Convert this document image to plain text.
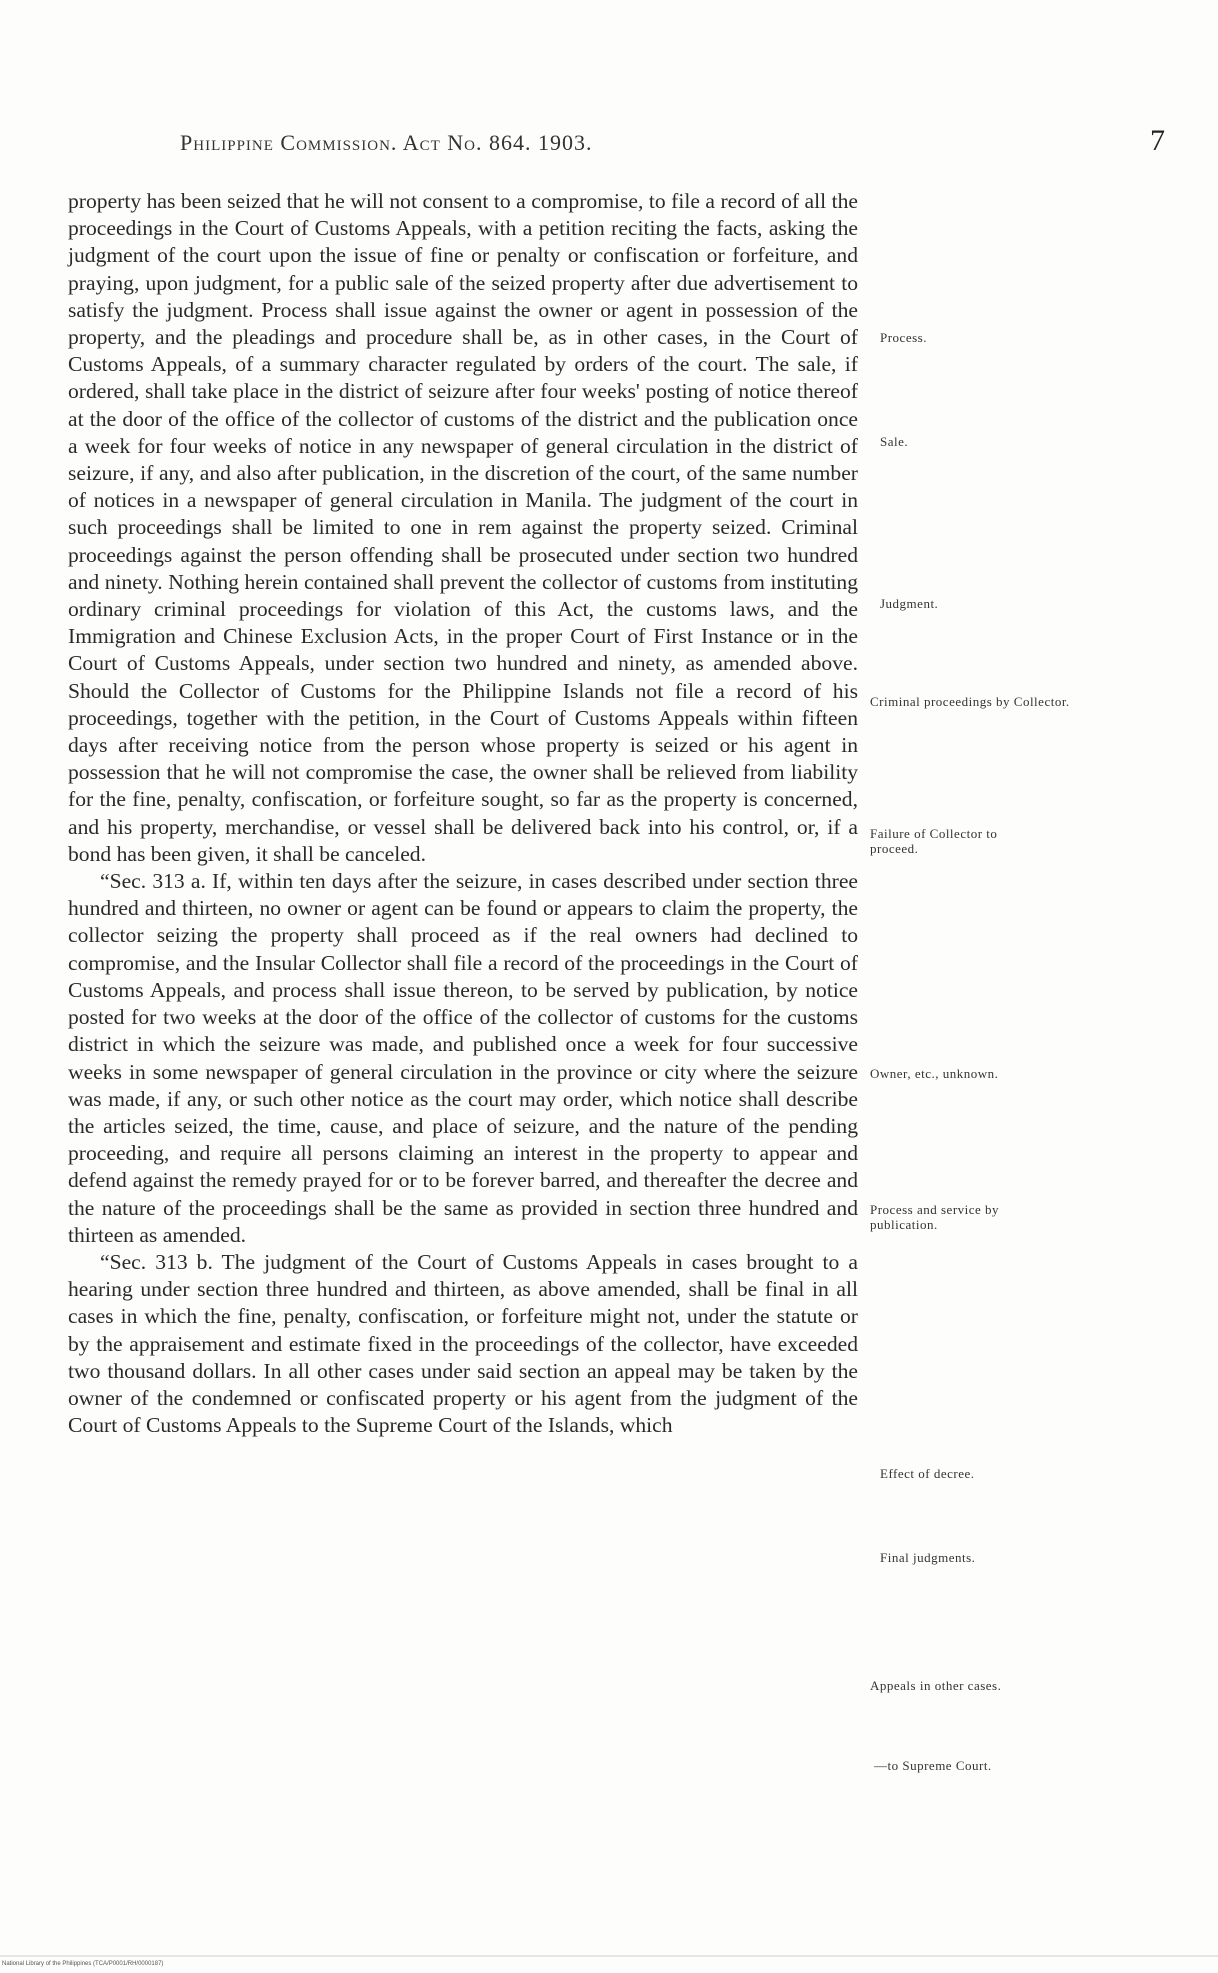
Philippine Commission. Act No. 864. 1903.	7

property has been seized that he will not consent to a compromise, to file a record of all the proceedings in the Court of Customs Appeals, with a petition reciting the facts, asking the judgment of the court upon the issue of fine or penalty or confiscation or forfeiture, and praying, upon judgment, for a public sale of the seized property after due advertisement to satisfy the judgment. Process shall issue against the owner or agent in possession of the property, and the pleadings and procedure shall be, as in other cases, in the Court of Customs Appeals, of a summary character regulated by orders of the court. The sale, if ordered, shall take place in the district of seizure after four weeks' posting of notice thereof at the door of the office of the collector of customs of the district and the publication once a week for four weeks of notice in any newspaper of general circulation in the district of seizure, if any, and also after publication, in the discretion of the court, of the same number of notices in a newspaper of general circulation in Manila. The judgment of the court in such proceedings shall be limited to one in rem against the property seized. Criminal proceedings against the person offending shall be prosecuted under section two hundred and ninety. Nothing herein contained shall prevent the collector of customs from instituting ordinary criminal proceedings for violation of this Act, the customs laws, and the Immigration and Chinese Exclusion Acts, in the proper Court of First Instance or in the Court of Customs Appeals, under section two hundred and ninety, as amended above. Should the Collector of Customs for the Philippine Islands not file a record of his proceedings, together with the petition, in the Court of Customs Appeals within fifteen days after receiving notice from the person whose property is seized or his agent in possession that he will not compromise the case, the owner shall be relieved from liability for the fine, penalty, confiscation, or forfeiture sought, so far as the property is concerned, and his property, merchandise, or vessel shall be delivered back into his control, or, if a bond has been given, it shall be canceled.

“Sec. 313 a. If, within ten days after the seizure, in cases described under section three hundred and thirteen, no owner or agent can be found or appears to claim the property, the collector seizing the property shall proceed as if the real owners had declined to compromise, and the Insular Collector shall file a record of the proceedings in the Court of Customs Appeals, and process shall issue thereon, to be served by publication, by notice posted for two weeks at the door of the office of the collector of customs for the customs district in which the seizure was made, and published once a week for four successive weeks in some newspaper of general circulation in the province or city where the seizure was made, if any, or such other notice as the court may order, which notice shall describe the articles seized, the time, cause, and place of seizure, and the nature of the pending proceeding, and require all persons claiming an interest in the property to appear and defend against the remedy prayed for or to be forever barred, and thereafter the decree and the nature of the proceedings shall be the same as provided in section three hundred and thirteen as amended.

“Sec. 313 b. The judgment of the Court of Customs Appeals in cases brought to a hearing under section three hundred and thirteen, as above amended, shall be final in all cases in which the fine, penalty, confiscation, or forfeiture might not, under the statute or by the appraisement and estimate fixed in the proceedings of the collector, have exceeded two thousand dollars. In all other cases under said section an appeal may be taken by the owner of the condemned or confiscated property or his agent from the judgment of the Court of Customs Appeals to the Supreme Court of the Islands, which

Process.
Sale.
Judgment.
Criminal proceedings by Collector.
Failure of Collector to proceed.
Owner, etc., unknown.
Process and service by publication.
Effect of decree.
Final judgments.
Appeals in other cases.
—to Supreme Court.
National Library of the Philippines (TCA/P0001/RH/0000187)
